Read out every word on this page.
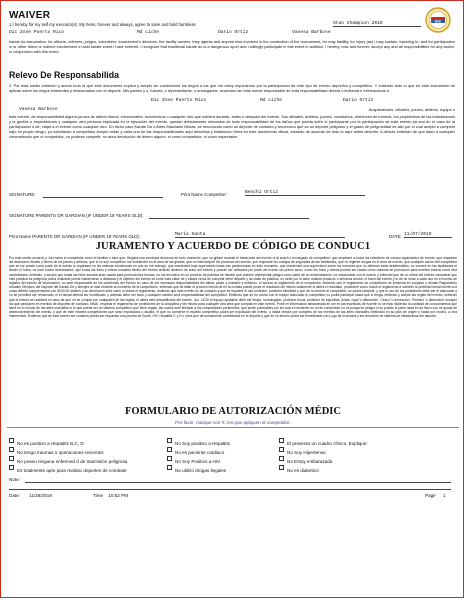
WAIVER
DIC
1.I hereby for my self my executor(s). My heirs, forever and always, agree to save and hold harmless	Stan Champion 2019
Dic Zone Puerto Rico	Md Liche	Dario Ortiz	Vanesa Barbose
karate do association. Its officers, referees, judges, volunteers, tournament's directors, the facility owners, they agents and anyone else involved in the conduction of the tournament, for may liability, for injury (as) i may sustain, traveling to, and for participation in or other direct or indirect involvement in said karate event i have entered. I recognize that traditional karate do is a dangerous sport and I willingly participate in this event in addition, I hereby, now and forever, accept any and all responsibilities for any action, in conjunction with this event.
Relevo De Responsabilida
2. Por esta medio entiendo y acedo todo lo que este documento explica y acepto sin condiciones los riegos a los que me estoy exponiendo por la participación de este tipo de evento deportivo y competitivo. Y entiendo todo lo que en este documento se aplicas sobre los riegos inherentes y relacionados con el deporte. Mis padres y o, tutores, o representante, o encargados, acuerdan ser total mente responsable de toda responsabilidad directa o indirecta e internacional a
Dic Zone Puerto Rico	Md Liche	Dario Ortiz
Vanesa Barbose	Auspiciadores, oficiales, jueces, árbitros, equipo n
este evento, de responsabilidad alguna ya sea de daños físicos, emocionales, económicos o cualquier otro que sufriera durante, antes o después del evento. Sus oficiales, árbitros, jueces, voluntarios, directores de torneos, los propietarios de las instalaciones y la gentes o espectadores y cualquier otra persona implicada en la ejecución del evento, quedan debidamente relevados de toda responsabilidad de los daños que pueda sufrir el participante por la participación de este evento ya sea en el caso de la participación o de, viajar a el evento como cualquier otro. En dicho caso Karate Do o Artes Marciales Mixtas, se reconocido como un deporte de contacto y reconozco que es un deporte peligroso y el grado de peligrosidad es alto por lo cual acepto a competir bajo mi propio riesgo, yo solicitando a competidor Acepto todas y cada una de las responsabilidades aquí descritas y establezco firma en este documento oficial, estando de acuerdo de todo lo aquí antes descrito. A demás entiendo de que dado a cualquier circunstancia que el competidor, no pudiese competir, no abra devolución de dinero alguno, ni como competidor, ni como espectador.
SIGNATURE:	Print Name Competitor:	Benchi Ortiz
SIGNATURE PARENTS OR GARDIAN (IF UNDER 18 YEARS OLD):
Print Name PARENTS OR GARDIAN (IF UNDER 18 YEARS OLD):	María Santa	DATE: 11/07/2019
JURAMENTO Y ACUERDO DE CÓDIGO DE CONDUC1
Por este medio acuerdo y Juro tanto el competidor como el familiar o tutor que: Seguirá una conducta decorosa en todo momento, que no gritaré durante el transcurso del evento ni al coach o encargado de competidor, que respetaré a todos los miembros de cuerpo organizador de evento, que respetaré las decisiones finales y firmes de los jueces y árbitros, que si no soy competidor me mantendré en el área de las gradas, que no interrumpiré los procesos del evento, que respetaré los códigos de seguridad de las facilidades, que no digeriré drogas en el área de evento, que cualquier acción del competidor que se me preste como parte de el evento lo regresaré en las mismas condiciones en que se me entregó, que mantendré bajo supervisión todas mis pertenencias en todo momento, que mantendré una supervisión sobre los menores que no deberán estar desatendidos, no comeré en las facilidades el dentro ni fuera, no haré ruidos innecesarios, que todas las fotos y videos tomados dentro del evento tendrán derecho de autor del evento y podrán ser utilizados por parte del evento sin previo aviso, como los fotos y videos podrán ser usado como material de promoción para eventos futuros como otra necesidades, entiendo, y acepto que todas las fotos tomada sean usada para promociones futuras, no me envuelvo en un proceso de práctica de facción que pueden representar peligro como parte de un entrenamiento, no relacionado con el evento y entiendo que de un oficial del evento considerar que este práctica es peligrosa podrá realizarle puede mantenerse a distancia y el objetivo del evento es entre toda clase de y estará cerca de competir entre deporte y de clase de práctica, no debe por lo tanto realizar producto o servicios dentro, ni fuera del evento y si de no mirar a cada uno en el evento de registro del evento de información, no seré responsable de los problemas del evento en caso de ser necesaria responsabilidad del atleta, padre y maestro y entiendo, el acceso al reglamento de el competidor, entiendo que el reglamento de competición se presenta en conjunto y demás Reglamento Usuales Olímpico del Deporte del Karate-Do y siempre al más reciente al momento de la competición, entiendo que de fallar el proceso formal de en la comida puede poner el resultado del mismo solamente si altera el resultado, procederé como indica el reglamento a someter la protesta formal mente a la costa deberé complementar con $100.00 dólares y su devolución será como lo indica el reglamento, entiendo que este evento es de contacto y que se requiere el uso protector, protector intimidad y que de no tenerlo el competidor, no podrá competir, y que el uso de los protectores debe ser el adecuado y no se permitirá ser remarcado, ni el dorsal deberá ser modificado, y además debe ser claro y cualquier cambio será responsabilidad del competidor. Entiendo que de no contar con el equipo adecuado el competidor no podrá participar hasta que lo tenga, entiendo y acepto las reglas del evento, entiendo que el evento se realizará en caso de que no se cumpla con cualquiera de las reglas, el atleta será descalificado del evento. Jun. 11/20 el equipo ajustable debe ser limpio, homologado, protector bucal, protector de espinillas, botas, copa 'o dierección', Cesco 'o dierección', Pechero 'o dierección' excepto los que participen en eventos de deportes de contacto, MMA , respetar el reglamento de protectores de su disciplina y del mismo para cualquier otra área que compita en este evento. Pone mi información almacenada en ser en las escrituras de Kumite no se está midiendo la cantidad de conocimientos que tiene en el mundo de las artes marciales ni lo que pueda ser un sistema competitivo que tiene reglas, las cuales seré limitado a los competidores pertinentes, que serán puntuables por los cual el mentener en mi de competidor no se ponga en peligro ni su puesto le pase nada en su físico con mi ayuda de desenvolvimiento del evento, y que de este manera competidores que sean expulsados o aludirá, el que no conserve el espíritu competitivo podrá ser expulsado del evento, y hasta vendrá por completo de los eventos de las artes marciales celebrado en su país de origen y hasta por mucho, a otra intermedios. Entiendo que de este evento ser contacto pueda ser requerido una prueba de Sosfe, HIV, Hepatitis C y D o otros que de sumamente contribuidos en el deporte y que de no tenerlo podrá ser beneficiado con Lugo de la victoria y ser removido de sistema de estadísticas del deporte.
FORMULARIO DE AUTORIZACIÓN MÉDIC
Por favor, marque con X, los que apliquen al competidor:
No es positivo a Hepatitis B,C, D
No tengo traumas o operaciones recientes
No poseo ninguna enfermed d de trasmisión peligrosa
Es totalmente apto para realizar deportes de combate
No Soy positivo a Hepatitis
No es paciente cardiaco
No Soy Positivo a HIV
No utilizo drogas ilegales
El presento un cuadro clínico, Explique:
No Soy Hipertenso
No Estoy embarazada
No es diabético
Note:
Date: 11/28/2019	Time 10:52 PM	Page 1
